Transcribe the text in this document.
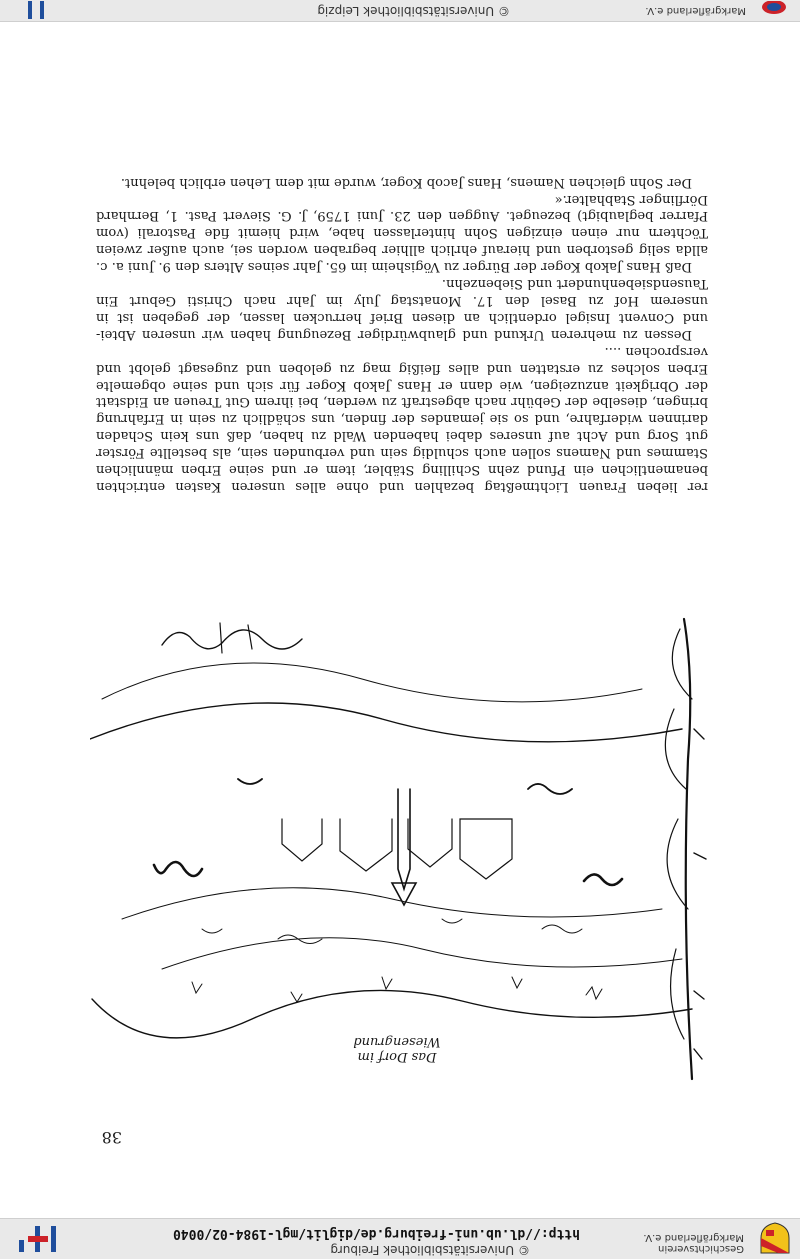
Geschichtsverein
Markgräflerland e.V.
© Universitätsbibliothek Freiburg
http://dl.ub.uni-freiburg.de/diglit/mgl-1984-02/0040
38
Das Dorf im Wiesengrund

rer lieben Frauen Lichtmeßtag bezahlen und ohne alles unseren Kasten entrichten benamentlichen ein Pfund zehn Schilling Stäbler, item er und seine Erben männlichen Stammes und Namens sollen auch schuldig sein und verbunden sein, als bestellte Förster gut Sorg und Acht auf unseres dabei habenden Wald zu haben, daß uns kein Schaden darinnen widerfahre, und so sie jemandes der finden, uns schädlich zu sein in Erfahrung bringen, dieselbe der Gebühr nach abgestraft zu werden, bei ihrem Gut Treuen an Eidstatt der Obrigkeit anzuzeigen, wie dann er Hans Jakob Koger für sich und seine obgemelte Erben solches zu erstatten und alles fleißig mag zu geloben und zugesagt gelobt und versprochen ....

Dessen zu mehreren Urkund und glaubwürdiger Bezeugung haben wir unseren Abtei- und Convent Insigel ordentlich an diesen Brief herrucken lassen, der gegeben ist in unserem Hof zu Basel den 17. Monatstag July im Jahr nach Christi Geburt Ein Tausendsiebenhundert und Siebenzehn.

Daß Hans Jakob Koger der Bürger zu Vögisheim im 65. Jahr seines Alters den 9. Juni a. c. allda selig gestorben und hierauf ehrlich allhier begraben worden sei, auch außer zweien Töchtern nur einen einzigen Sohn hinterlassen habe, wird hiemit fide Pastorali (vom Pfarrer beglaubigt) bezeuget. Auggen den 23. Juni 1759, J. G. Sievert Past. 1, Bernhard Dörflinger Stabhalter.«

Der Sohn gleichen Namens, Hans Jacob Koger, wurde mit dem Lehen erblich belehnt.

Markgräflerland e.V.
© Universitätsbibliothek Leipzig
